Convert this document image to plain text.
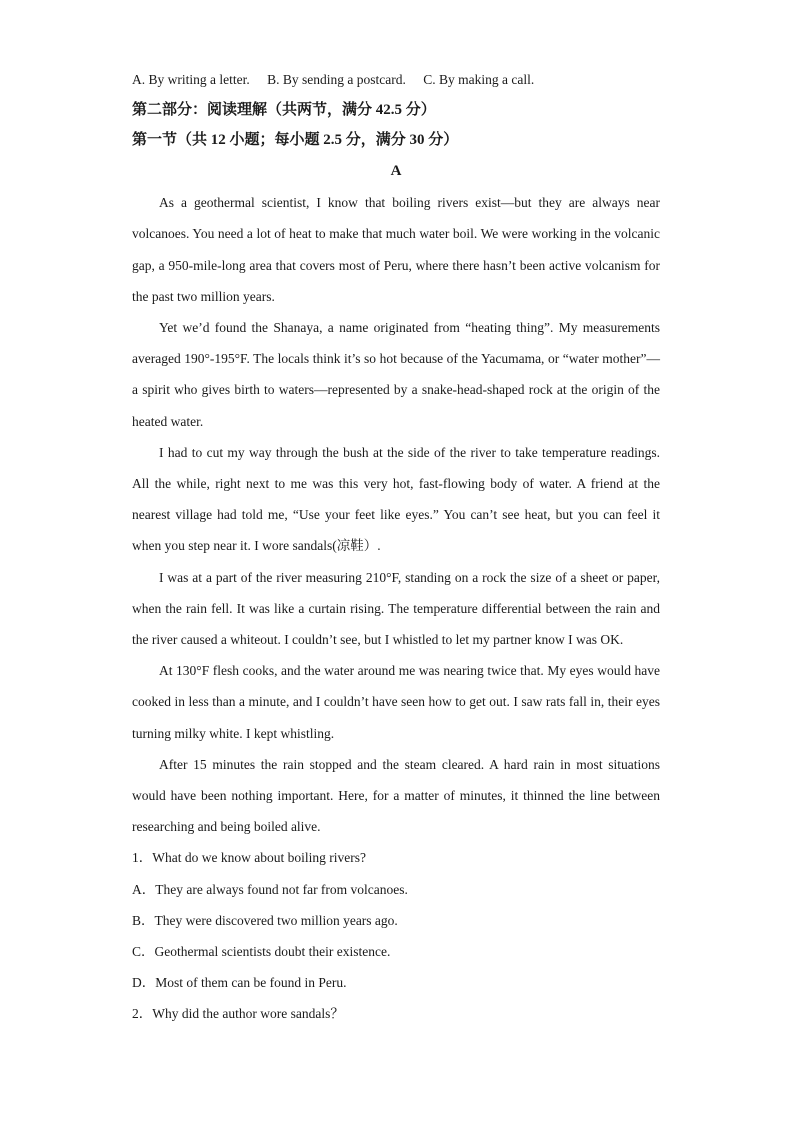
A. By writing a letter. B. By sending a postcard. C. By making a call.
第二部分：阅读理解（共两节，满分 42.5 分）
第一节（共 12 小题；每小题 2.5 分，满分 30 分）
A

As a geothermal scientist, I know that boiling rivers exist—but they are always near volcanoes. You need a lot of heat to make that much water boil. We were working in the volcanic gap, a 950-mile-long area that covers most of Peru, where there hasn’t been active volcanism for the past two million years.

Yet we’d found the Shanaya, a name originated from “heating thing”. My measurements averaged 190°-195°F. The locals think it’s so hot because of the Yacumama, or “water mother”—a spirit who gives birth to waters—represented by a snake-head-shaped rock at the origin of the heated water.

I had to cut my way through the bush at the side of the river to take temperature readings. All the while, right next to me was this very hot, fast-flowing body of water. A friend at the nearest village had told me, “Use your feet like eyes.” You can’t see heat, but you can feel it when you step near it. I wore sandals(凉鞋）.

I was at a part of the river measuring 210°F, standing on a rock the size of a sheet or paper, when the rain fell. It was like a curtain rising. The temperature differential between the rain and the river caused a whiteout. I couldn’t see, but I whistled to let my partner know I was OK.

At 130°F flesh cooks, and the water around me was nearing twice that. My eyes would have cooked in less than a minute, and I couldn’t have seen how to get out. I saw rats fall in, their eyes turning milky white. I kept whistling.

After 15 minutes the rain stopped and the steam cleared. A hard rain in most situations would have been nothing important. Here, for a matter of minutes, it thinned the line between researching and being boiled alive.

1．What do we know about boiling rivers?

A．They are always found not far from volcanoes.

B．They were discovered two million years ago.

C．Geothermal scientists doubt their existence.

D．Most of them can be found in Peru.

2．Why did the author wore sandals？
